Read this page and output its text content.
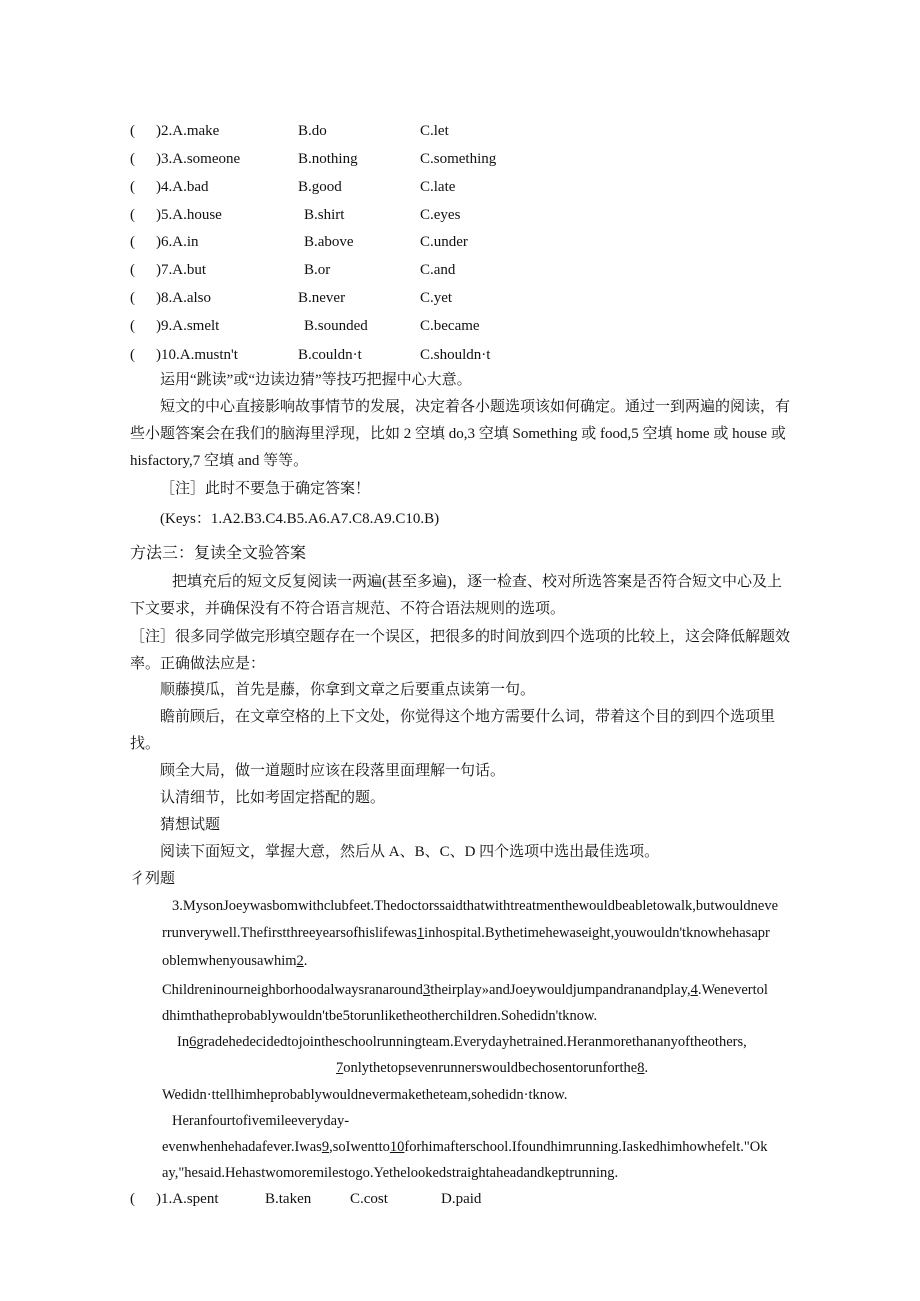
( )2.A.make	B.do	C.let
( )3.A.someone	B.nothing	C.something
( )4.A.bad	B.good	C.late
( )5.A.house	B.shirt	C.eyes
( )6.A.in	B.above	C.under
( )7.A.but	B.or	C.and
( )8.A.also	B.never	C.yet
( )9.A.smelt	B.sounded	C.became
( )10.A.mustn't	B.couldn·t	C.shouldn·t
运用“跳读”或“边读边猜”等技巧把握中心大意。
短文的中心直接影响故事情节的发展，决定着各小题选项该如何确定。通过一到两遍的阅读，有
些小题答案会在我们的脑海里浮现，比如 2 空填 do,3 空填 Something 或 food,5 空填 home 或 house 或
hisfactory,7 空填 and 等等。
［注］此时不要急于确定答案！
(Keys：1.A2.B3.C4.B5.A6.A7.C8.A9.C10.B)
方法三：复读全文验答案
把填充后的短文反复阅读一两遍(甚至多遍)，逐一检查、校对所选答案是否符合短文中心及上
下文要求，并确保没有不符合语言规范、不符合语法规则的选项。
［注］很多同学做完形填空题存在一个误区，把很多的时间放到四个选项的比较上，这会降低解题效
率。正确做法应是：
顺藤摸瓜，首先是藤，你拿到文章之后要重点读第一句。
瞻前顾后，在文章空格的上下文处，你觉得这个地方需要什么词，带着这个目的到四个选项里
找。
顾全大局，做一道题时应该在段落里面理解一句话。
认清细节，比如考固定搭配的题。
猜想试题
阅读下面短文，掌握大意，然后从 A、B、C、D 四个选项中选出最佳选项。
彳列题
3.MysonJoeywasbomwithclubfeet.Thedoctorssaidthatwithtreatmenthewouldbeabletowalk,butwouldneve
rrunverywell.Thefirstthreeyearsofhislifewas1inhospital.Bythetimehewaseight,youwouldn'tknowhehasapr
oblemwhenyousawhim2.
Childreninourneighborhoodalwaysranaround3theirplay»andJoeywouldjumpandranandplay,4.Wenevertol
dhimthatheprobablywouldn'tbe5torunliketheotherchildren.Sohedidn'tknow.
In6gradehedecidedtojointheschoolrunningteam.Everydayhetrained.Heranmorethananyoftheothers,
7onlythetopsevenrunnerswouldbechosentorunforthe8.
Wedidn·ttellhimheprobablywouldnevermaketheteam,sohedidn·tknow.
Heranfourtofivemileeveryday-
evenwhenhehadafever.Iwas9,soIwentto10forhimafterschool.Ifoundhimrunning.Iaskedhimhowhefelt."Ok
ay,"hesaid.Hehastwomoremilestogo.Yethelookedstraightaheadandkeptrunning.
( )1.A.spent	B.taken	C.cost	D.paid
